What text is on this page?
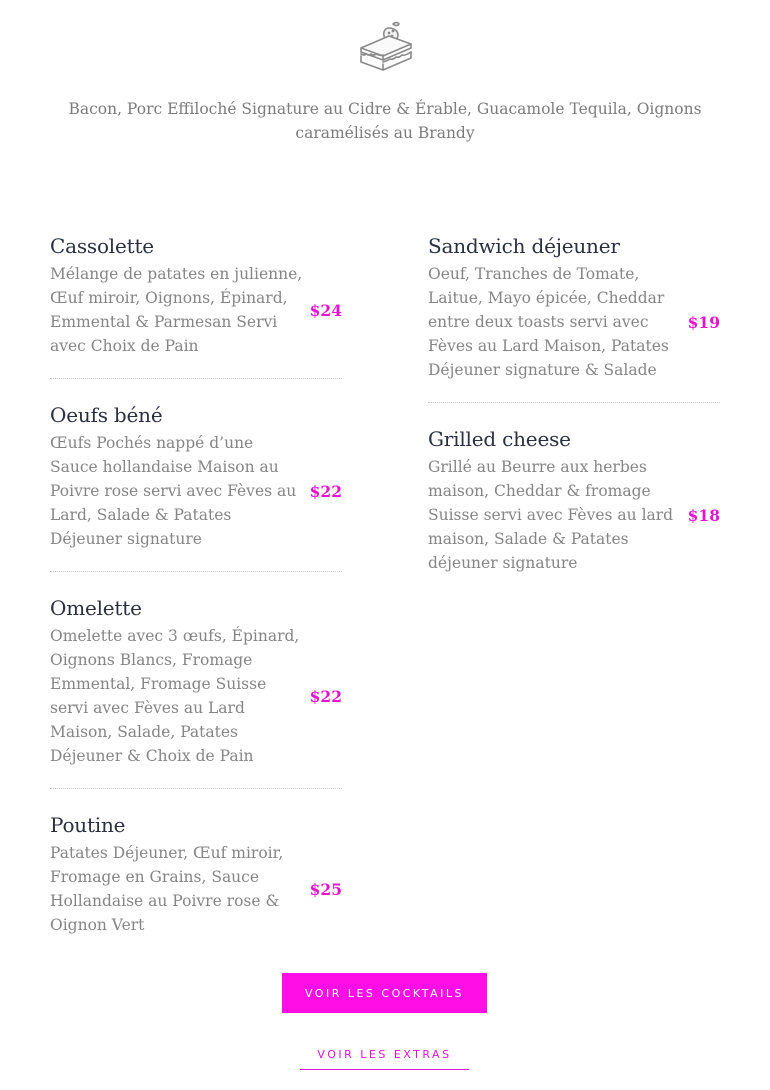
Bacon, Porc Effiloché Signature au Cidre & Érable, Guacamole Tequila, Oignons caramélisés au Brandy
Cassolette

Mélange de patates en julienne, Œuf miroir, Oignons, Épinard, Emmental & Parmesan Servi avec Choix de Pain

$24
Oeufs béné

Œufs Pochés nappé d’une Sauce hollandaise Maison au Poivre rose servi avec Fèves au Lard, Salade & Patates Déjeuner signature

$22
Omelette

Omelette avec 3 œufs, Épinard, Oignons Blancs, Fromage Emmental, Fromage Suisse servi avec Fèves au Lard Maison, Salade, Patates Déjeuner & Choix de Pain

$22
Poutine

Patates Déjeuner, Œuf miroir, Fromage en Grains, Sauce Hollandaise au Poivre rose & Oignon Vert

$25
Sandwich déjeuner

Oeuf, Tranches de Tomate, Laitue, Mayo épicée, Cheddar entre deux toasts servi avec Fèves au Lard Maison, Patates Déjeuner signature & Salade

$19
Grilled cheese

Grillé au Beurre aux herbes maison, Cheddar & fromage Suisse servi avec Fèves au lard maison, Salade & Patates déjeuner signature

$18
VOIR LES COCKTAILS
VOIR LES EXTRAS
